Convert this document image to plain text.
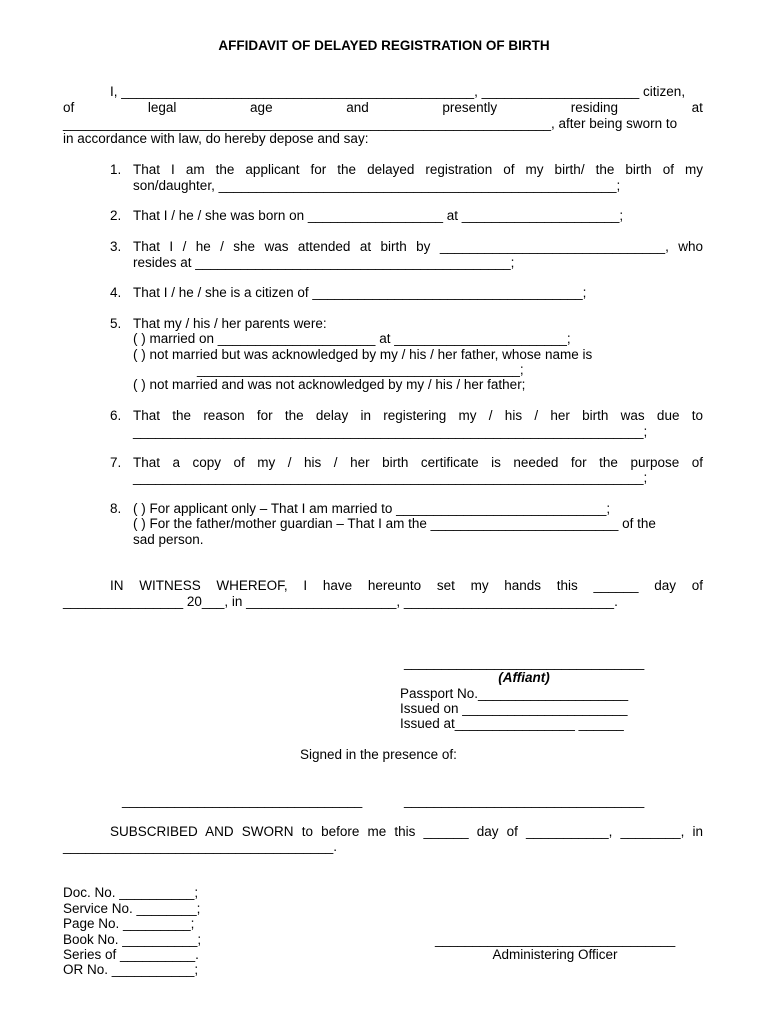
AFFIDAVIT OF DELAYED REGISTRATION OF BIRTH
I, _______________________________________________, _____________________ citizen,
of	legal	age	and	presently	residing	at
_________________________________________________________________, after being sworn to
in accordance with law, do hereby depose and say:
1. That I am the applicant for the delayed registration of my birth/ the birth of my
son/daughter, _____________________________________________________;
2. That I / he / she was born on __________________ at _____________________;
3. That I / he / she was attended at birth by ______________________________, who
resides at __________________________________________;
4. That I / he / she is a citizen of ____________________________________;
5. That my / his / her parents were:
( ) married on _____________________ at _______________________;
( ) not married but was acknowledged by my / his / her father, whose name is
___________________________________________;
( ) not married and was not acknowledged by my / his / her father;
6. That the reason for the delay in registering my / his / her birth was due to
____________________________________________________________________;
7. That a copy of my / his / her birth certificate is needed for the purpose of
____________________________________________________________________;
8. ( ) For applicant only – That I am married to ____________________________;
( ) For the father/mother guardian – That I am the _________________________ of the
sad person.
IN WITNESS WHEREOF, I have hereunto set my hands this ______ day of
________________ 20___, in ____________________, ____________________________.
________________________________
(Affiant)
Passport No.____________________
Issued on ______________________
Issued at________________ ______
Signed in the presence of:
________________________________	________________________________
SUBSCRIBED AND SWORN to before me this ______ day of ___________, ________, in
____________________________________.
Doc. No. __________;
Service No. ________;
Page No. _________;
Book No. __________;
Series of __________.
OR No. ___________;
________________________________
Administering Officer
